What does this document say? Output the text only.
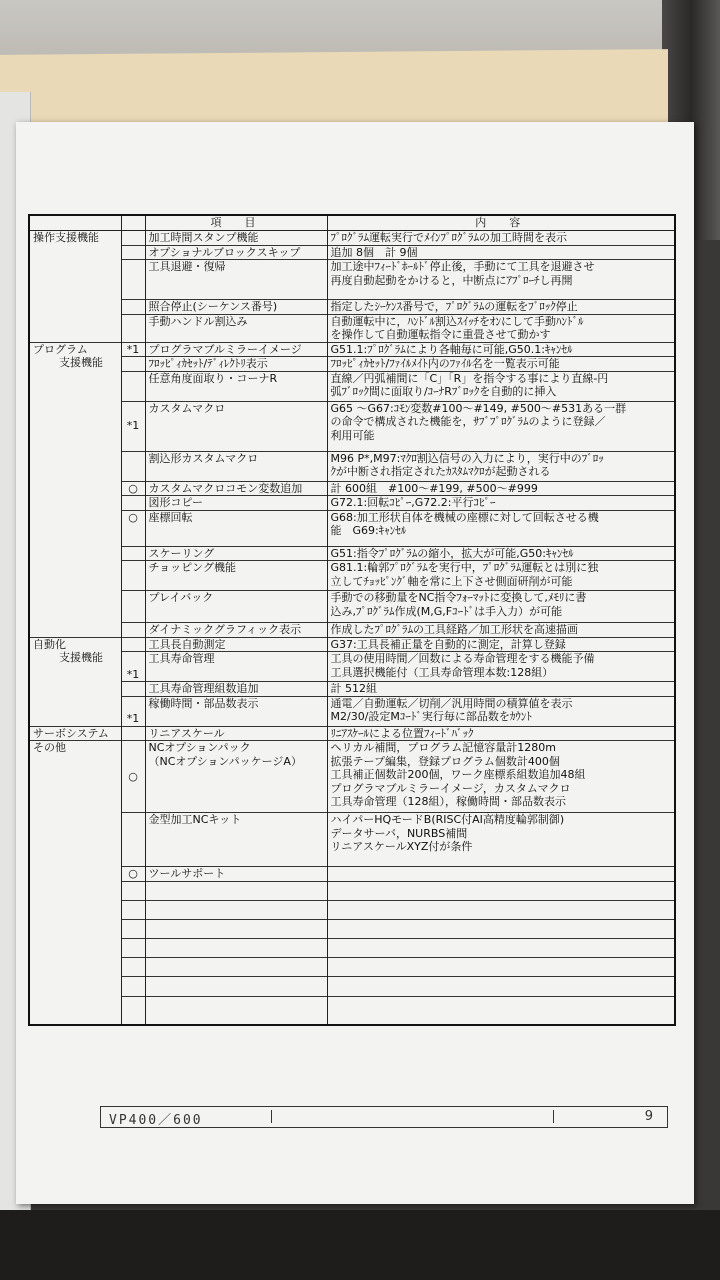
		項　目	内　容
操作支援機能		加工時間スタンプ機能	ﾌﾟﾛｸﾞﾗﾑ運転実行でﾒｲﾝﾌﾟﾛｸﾞﾗﾑの加工時間を表示
		オプショナルブロックスキップ	追加 8個　計 9個
		工具退避・復帰	加工途中ﾌｨｰﾄﾞﾎｰﾙﾄﾞ停止後，手動にて工具を退避させ
再度自動起動をかけると，中断点にｱﾌﾟﾛｰﾁし再開
		照合停止(シーケンス番号)	指定したｼｰｹﾝｽ番号で，ﾌﾟﾛｸﾞﾗﾑの運転をﾌﾞﾛｯｸ停止
		手動ハンドル割込み	自動運転中に，ﾊﾝﾄﾞﾙ割込ｽｲｯﾁをｵﾝにして手動ﾊﾝﾄﾞﾙ
を操作して自動運転指令に重畳させて動かす
プログラム
支援機能	*1	プログラマブルミラーイメージ	G51.1:ﾌﾟﾛｸﾞﾗﾑにより各軸毎に可能,G50.1:ｷｬﾝｾﾙ
		ﾌﾛｯﾋﾟｨｶｾｯﾄ/ﾃﾞｨﾚｸﾄﾘ表示	ﾌﾛｯﾋﾟｨｶｾｯﾄ/ﾌｧｲﾙﾒｲﾄ内のﾌｧｲﾙ名を一覧表示可能
		任意角度面取り・コーナR	直線／円弧補間に「C」「R」を指令する事により直線-円
弧ﾌﾞﾛｯｸ間に面取り/ｺｰﾅRﾌﾞﾛｯｸを自動的に挿入
	*1	カスタムマクロ	G65 ～G67:ｺﾓﾝ変数#100～#149, #500～#531ある一群
の命令で構成された機能を，ｻﾌﾞﾌﾟﾛｸﾞﾗﾑのように登録／
利用可能
		割込形カスタムマクロ	M96 P*,M97:ﾏｸﾛ割込信号の入力により，実行中のﾌﾞﾛｯ
ｸが中断され指定されたｶｽﾀﾑﾏｸﾛが起動される
	○	カスタムマクロコモン変数追加	計 600組　#100～#199, #500～#999
		図形コピー	G72.1:回転ｺﾋﾟｰ,G72.2:平行ｺﾋﾟｰ
	○	座標回転	G68:加工形状自体を機械の座標に対して回転させる機
能　G69:ｷｬﾝｾﾙ
		スケーリング	G51:指令ﾌﾟﾛｸﾞﾗﾑの縮小，拡大が可能,G50:ｷｬﾝｾﾙ
		チョッピング機能	G81.1:輪郭ﾌﾟﾛｸﾞﾗﾑを実行中，ﾌﾟﾛｸﾞﾗﾑ運転とは別に独
立してﾁｮｯﾋﾟﾝｸﾞ軸を常に上下させ側面研削が可能
		プレイバック	手動での移動量をNC指令ﾌｫｰﾏｯﾄに変換して,ﾒﾓﾘに書
込み,ﾌﾟﾛｸﾞﾗﾑ作成(M,G,Fｺｰﾄﾞは手入力）が可能
		ダイナミックグラフィック表示	作成したﾌﾟﾛｸﾞﾗﾑの工具経路／加工形状を高速描画
自動化
支援機能		工具長自動測定	G37:工具長補正量を自動的に測定，計算し登録
	*1	工具寿命管理	工具の使用時間／回数による寿命管理をする機能予備
工具選択機能付（工具寿命管理本数:128組）
		工具寿命管理組数追加	計 512組
	*1	稼働時間・部品数表示	通電／自動運転／切削／汎用時間の積算値を表示
M2/30/設定Mｺｰﾄﾞ実行毎に部品数をｶｳﾝﾄ
サーボシステム		リニアスケール	ﾘﾆｱｽｹｰﾙによる位置ﾌｨｰﾄﾞﾊﾞｯｸ
その他	○	NCオプションパック
（NCオプションパッケージA）	ヘリカル補間，プログラム記憶容量計1280m
拡張テープ編集，登録プログラム個数計400個
工具補正個数計200個，ワーク座標系組数追加48組
プログラマブルミラーイメージ，カスタムマクロ
工具寿命管理（128組），稼働時間・部品数表示
		金型加工NCキット	ハイパーHQモードB(RISC付AI高精度輪郭制御)
データサーバ，NURBS補間
リニアスケールXYZ付が条件
	○	ツールサポート	

VP400／600	9
